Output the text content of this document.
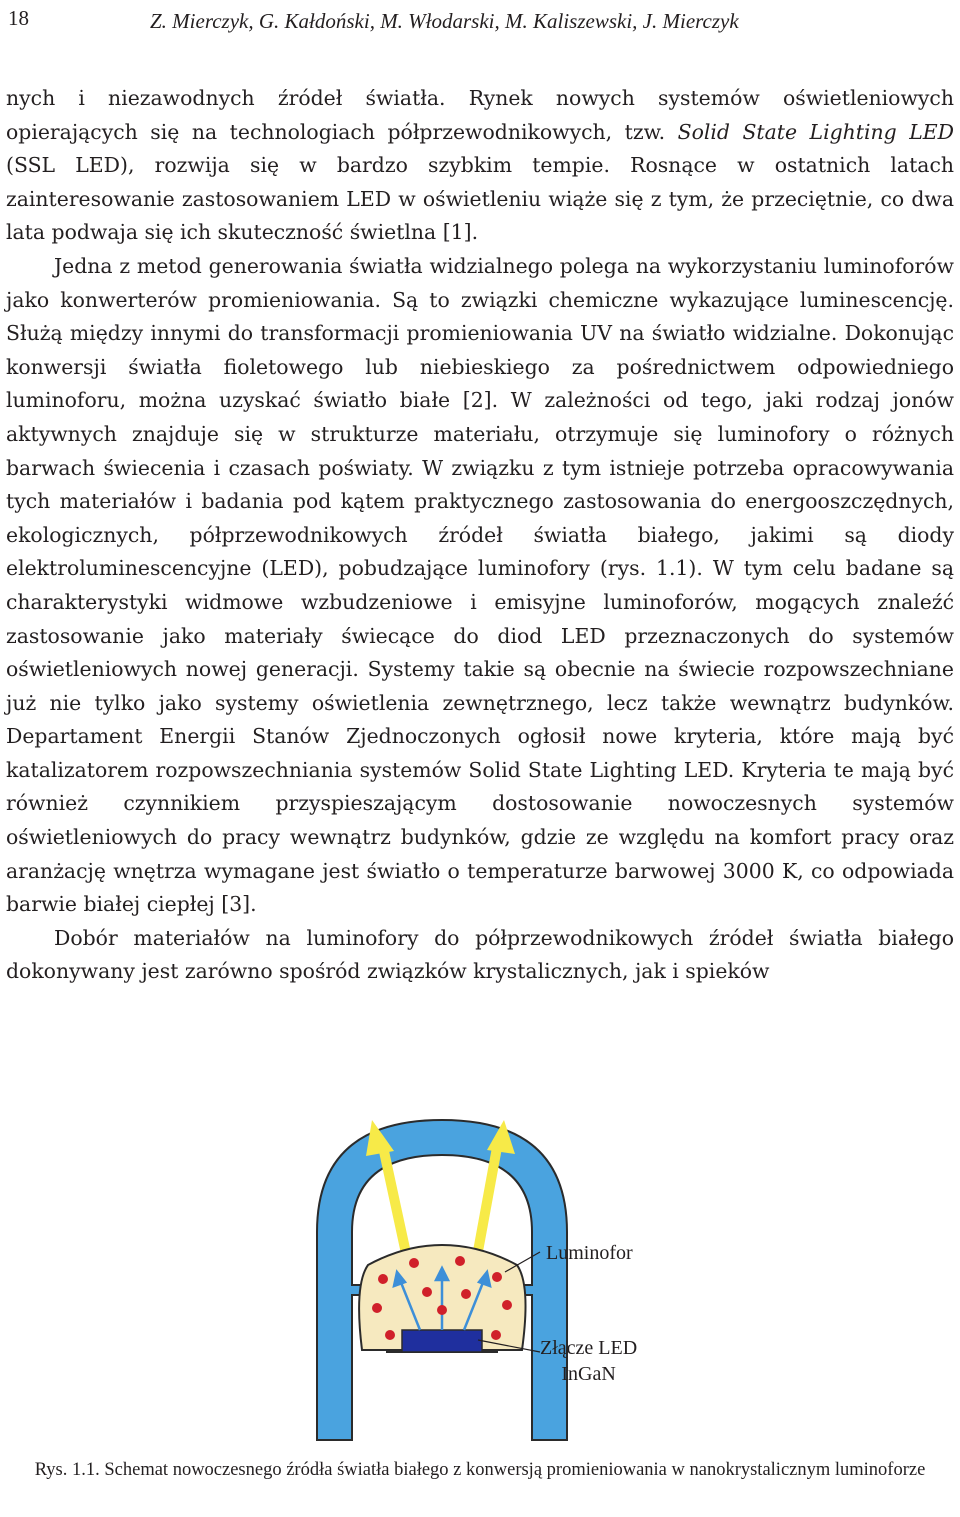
18	Z. Mierczyk, G. Kałdoński, M. Włodarski, M. Kaliszewski, J. Mierczyk

nych i niezawodnych źródeł światła. Rynek nowych systemów oświetleniowych opierających się na technologiach półprzewodnikowych, tzw. Solid State Lighting LED (SSL LED), rozwija się w bardzo szybkim tempie. Rosnące w ostatnich latach zainteresowanie zastosowaniem LED w oświetleniu wiąże się z tym, że przeciętnie, co dwa lata podwaja się ich skuteczność świetlna [1].

Jedna z metod generowania światła widzialnego polega na wykorzystaniu luminoforów jako konwerterów promieniowania. Są to związki chemiczne wykazujące luminescencję. Służą między innymi do transformacji promieniowania UV na światło widzialne. Dokonując konwersji światła fioletowego lub niebieskiego za pośrednictwem odpowiedniego luminoforu, można uzyskać światło białe [2]. W zależności od tego, jaki rodzaj jonów aktywnych znajduje się w strukturze materiału, otrzymuje się luminofory o różnych barwach świecenia i czasach poświaty. W związku z tym istnieje potrzeba opracowywania tych materiałów i badania pod kątem praktycznego zastosowania do energooszczędnych, ekologicznych, półprzewodnikowych źródeł światła białego, jakimi są diody elektroluminescencyjne (LED), pobudzające luminofory (rys. 1.1). W tym celu badane są charakterystyki widmowe wzbudzeniowe i emisyjne luminoforów, mogących znaleźć zastosowanie jako materiały świecące do diod LED przeznaczonych do systemów oświetleniowych nowej generacji. Systemy takie są obecnie na świecie rozpowszechniane już nie tylko jako systemy oświetlenia zewnętrznego, lecz także wewnątrz budynków. Departament Energii Stanów Zjednoczonych ogłosił nowe kryteria, które mają być katalizatorem rozpowszechniania systemów Solid State Lighting LED. Kryteria te mają być również czynnikiem przyspieszającym dostosowanie nowoczesnych systemów oświetleniowych do pracy wewnątrz budynków, gdzie ze względu na komfort pracy oraz aranżację wnętrza wymagane jest światło o temperaturze barwowej 3000 K, co odpowiada barwie białej ciepłej [3].

Dobór materiałów na luminofory do półprzewodnikowych źródeł światła białego dokonywany jest zarówno spośród związków krystalicznych, jak i spieków

Luminofor
Złącze LED
InGaN
Rys. 1.1. Schemat nowoczesnego źródła światła białego z konwersją promieniowania w nanokrystalicznym luminoforze
